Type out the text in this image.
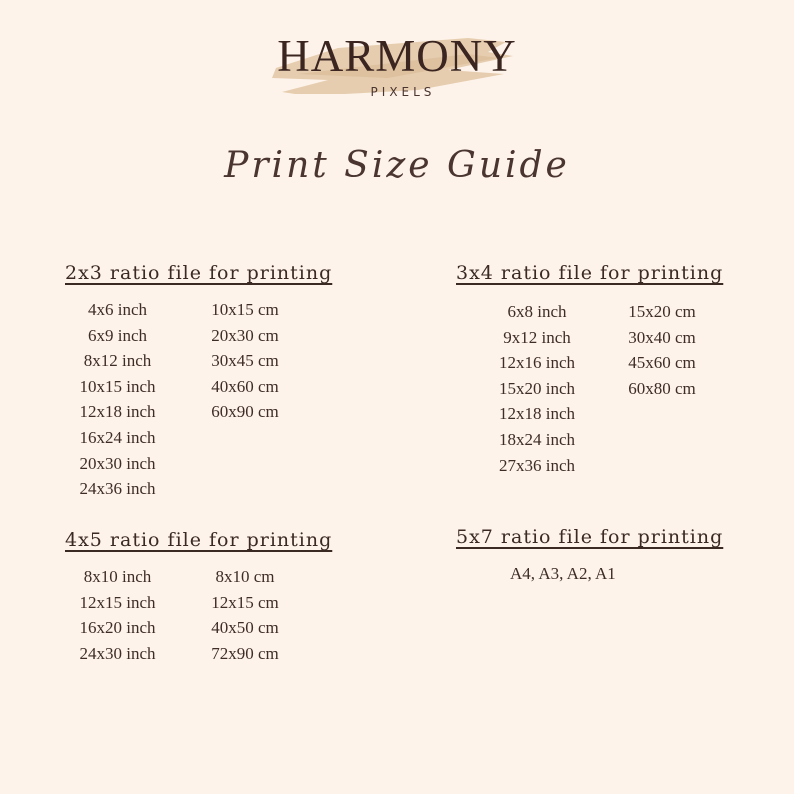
HARMONY
PIXELS
Print Size Guide
2x3 ratio file for printing
4x6 inch
6x9 inch
8x12 inch
10x15 inch
12x18 inch
16x24 inch
20x30 inch
24x36 inch
10x15 cm
20x30 cm
30x45 cm
40x60 cm
60x90 cm
3x4 ratio file for printing
6x8 inch
9x12 inch
12x16 inch
15x20 inch
12x18 inch
18x24 inch
27x36 inch
15x20 cm
30x40 cm
45x60 cm
60x80 cm
4x5 ratio file for printing
8x10 inch
12x15 inch
16x20 inch
24x30 inch
8x10 cm
12x15 cm
40x50 cm
72x90 cm
5x7 ratio file for printing
A4, A3, A2, A1
